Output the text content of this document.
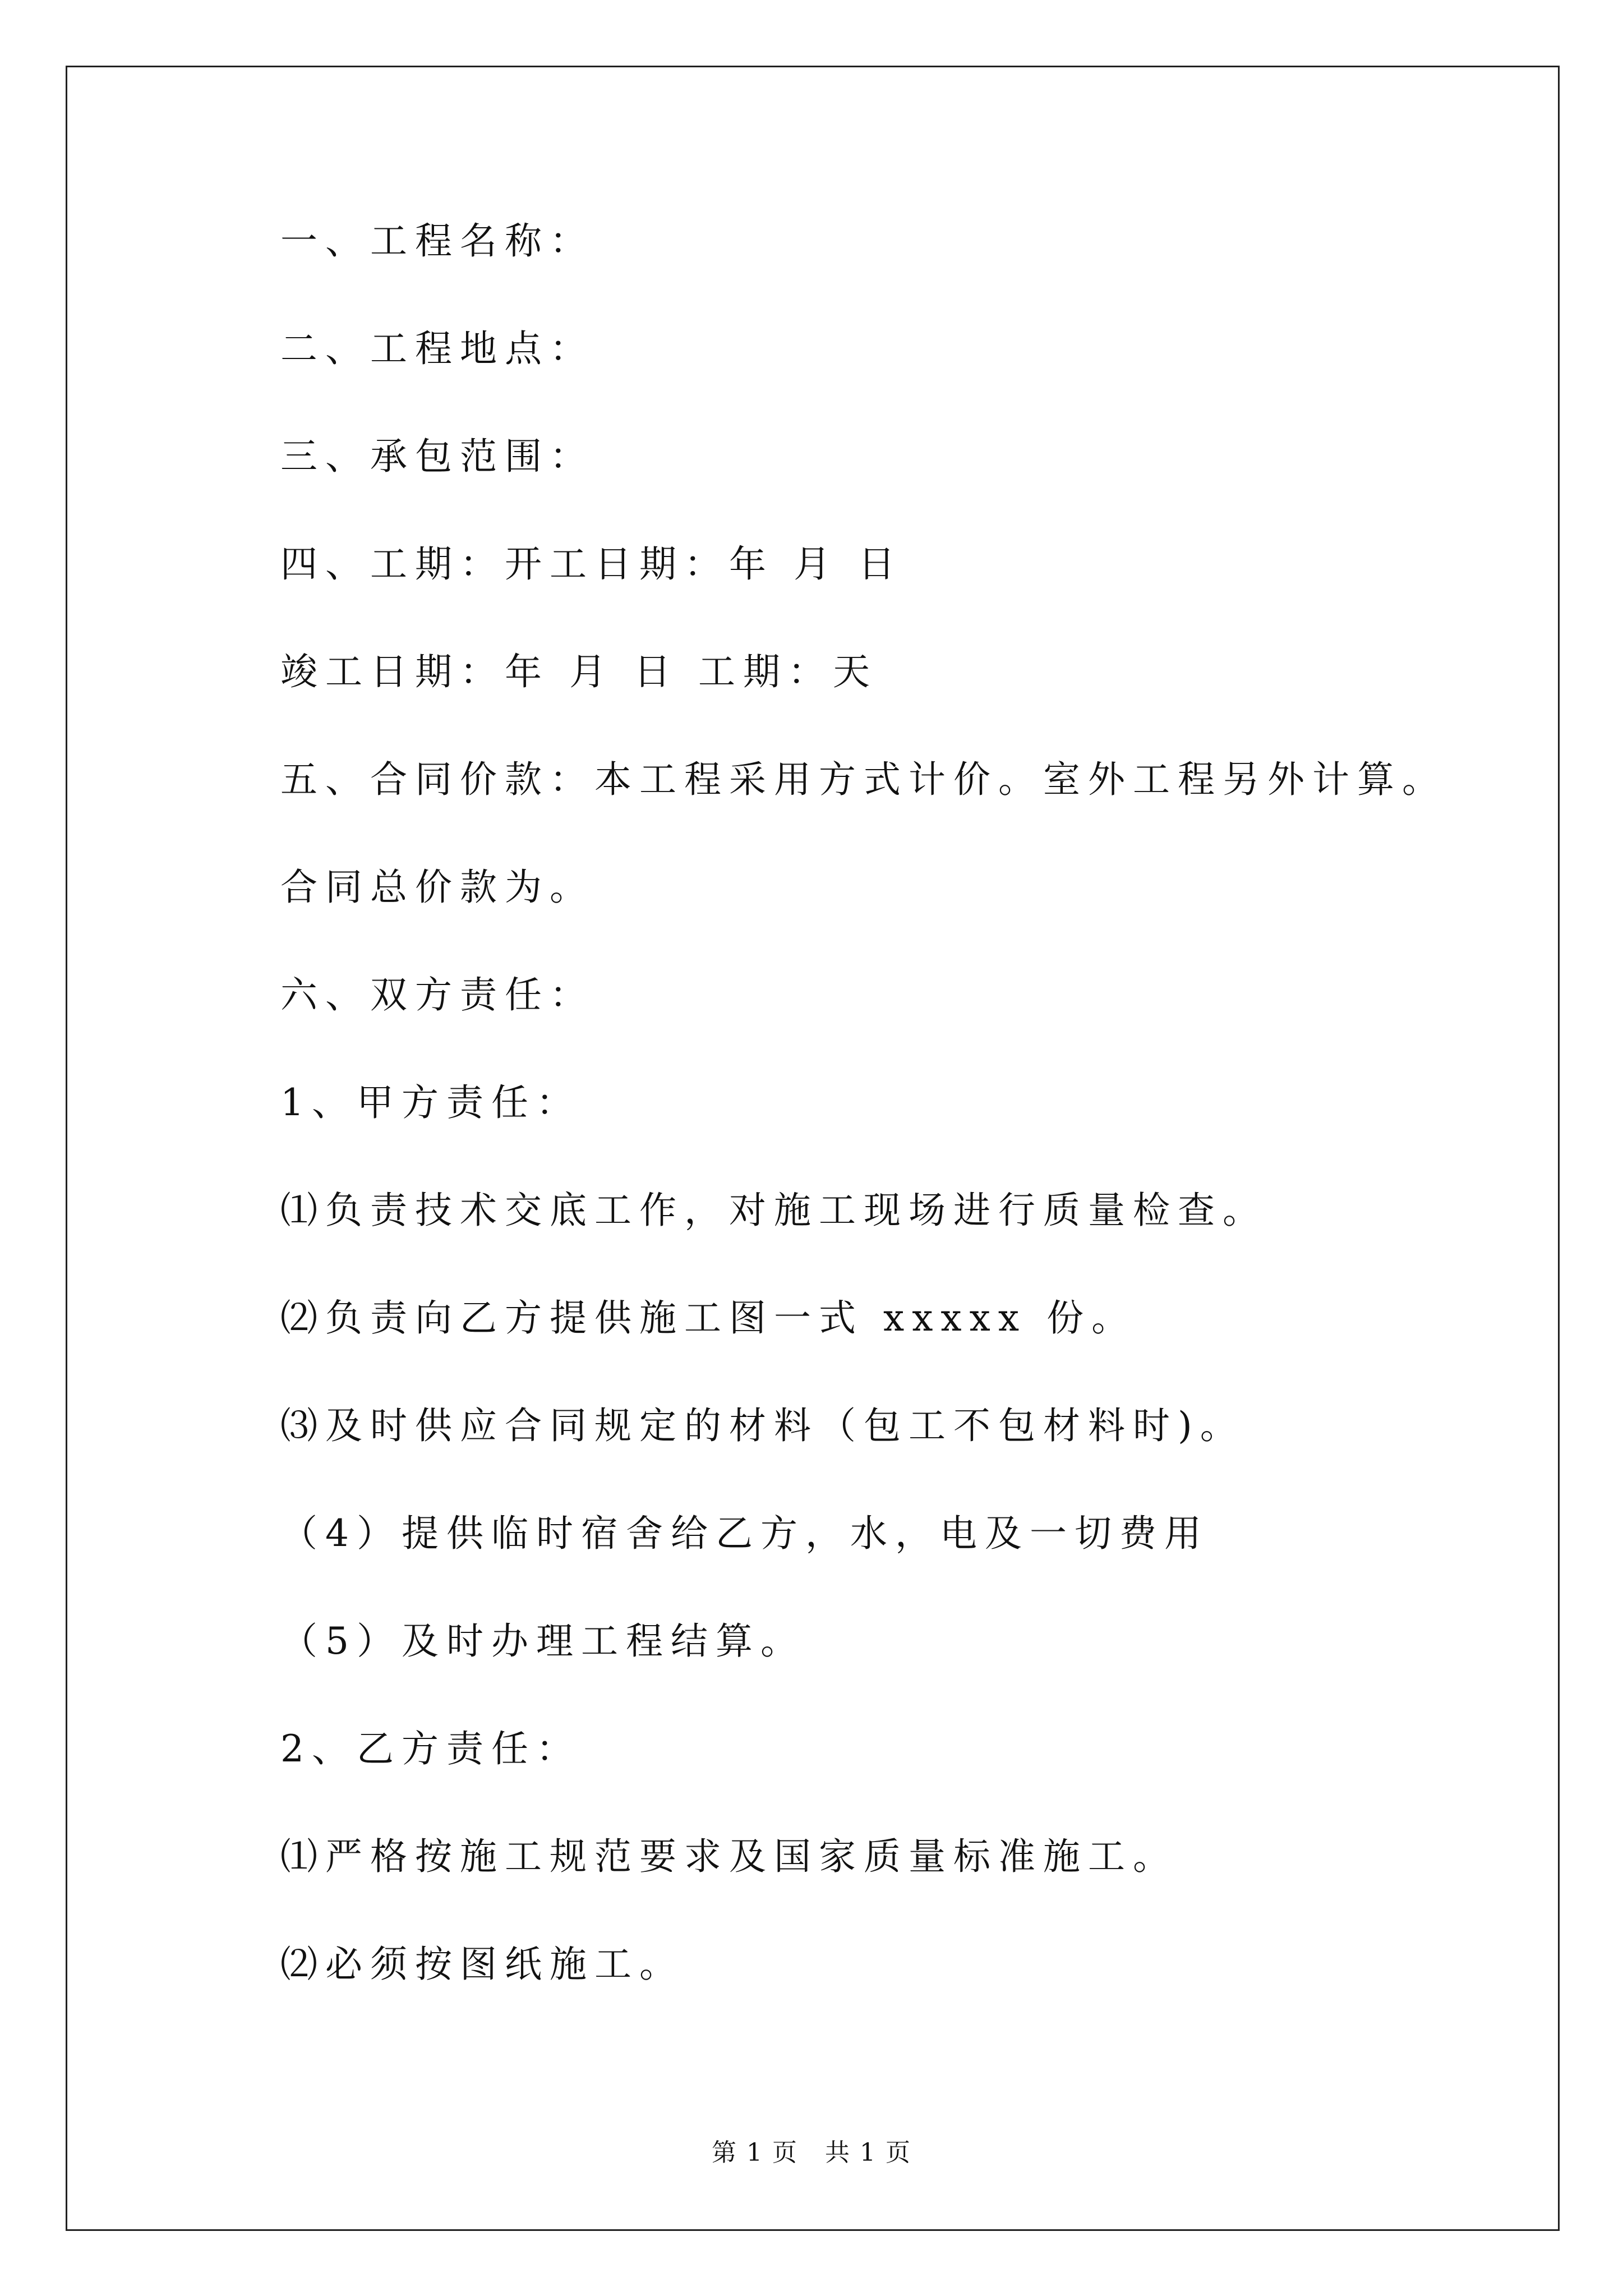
一、工程名称：
二、工程地点：
三、承包范围：
四、工期：开工日期：年 月 日
竣工日期：年 月 日 工期：天
五、合同价款：本工程采用方式计价。室外工程另外计算。
合同总价款为。
六、双方责任：
1、甲方责任：
⑴负责技术交底工作，对施工现场进行质量检查。
⑵负责向乙方提供施工图一式 xxxxx 份。
⑶及时供应合同规定的材料（包工不包材料时)。
（4）提供临时宿舍给乙方，水，电及一切费用
（5）及时办理工程结算。
2、乙方责任：
⑴严格按施工规范要求及国家质量标准施工。
⑵必须按图纸施工。
第 1 页   共 1 页
